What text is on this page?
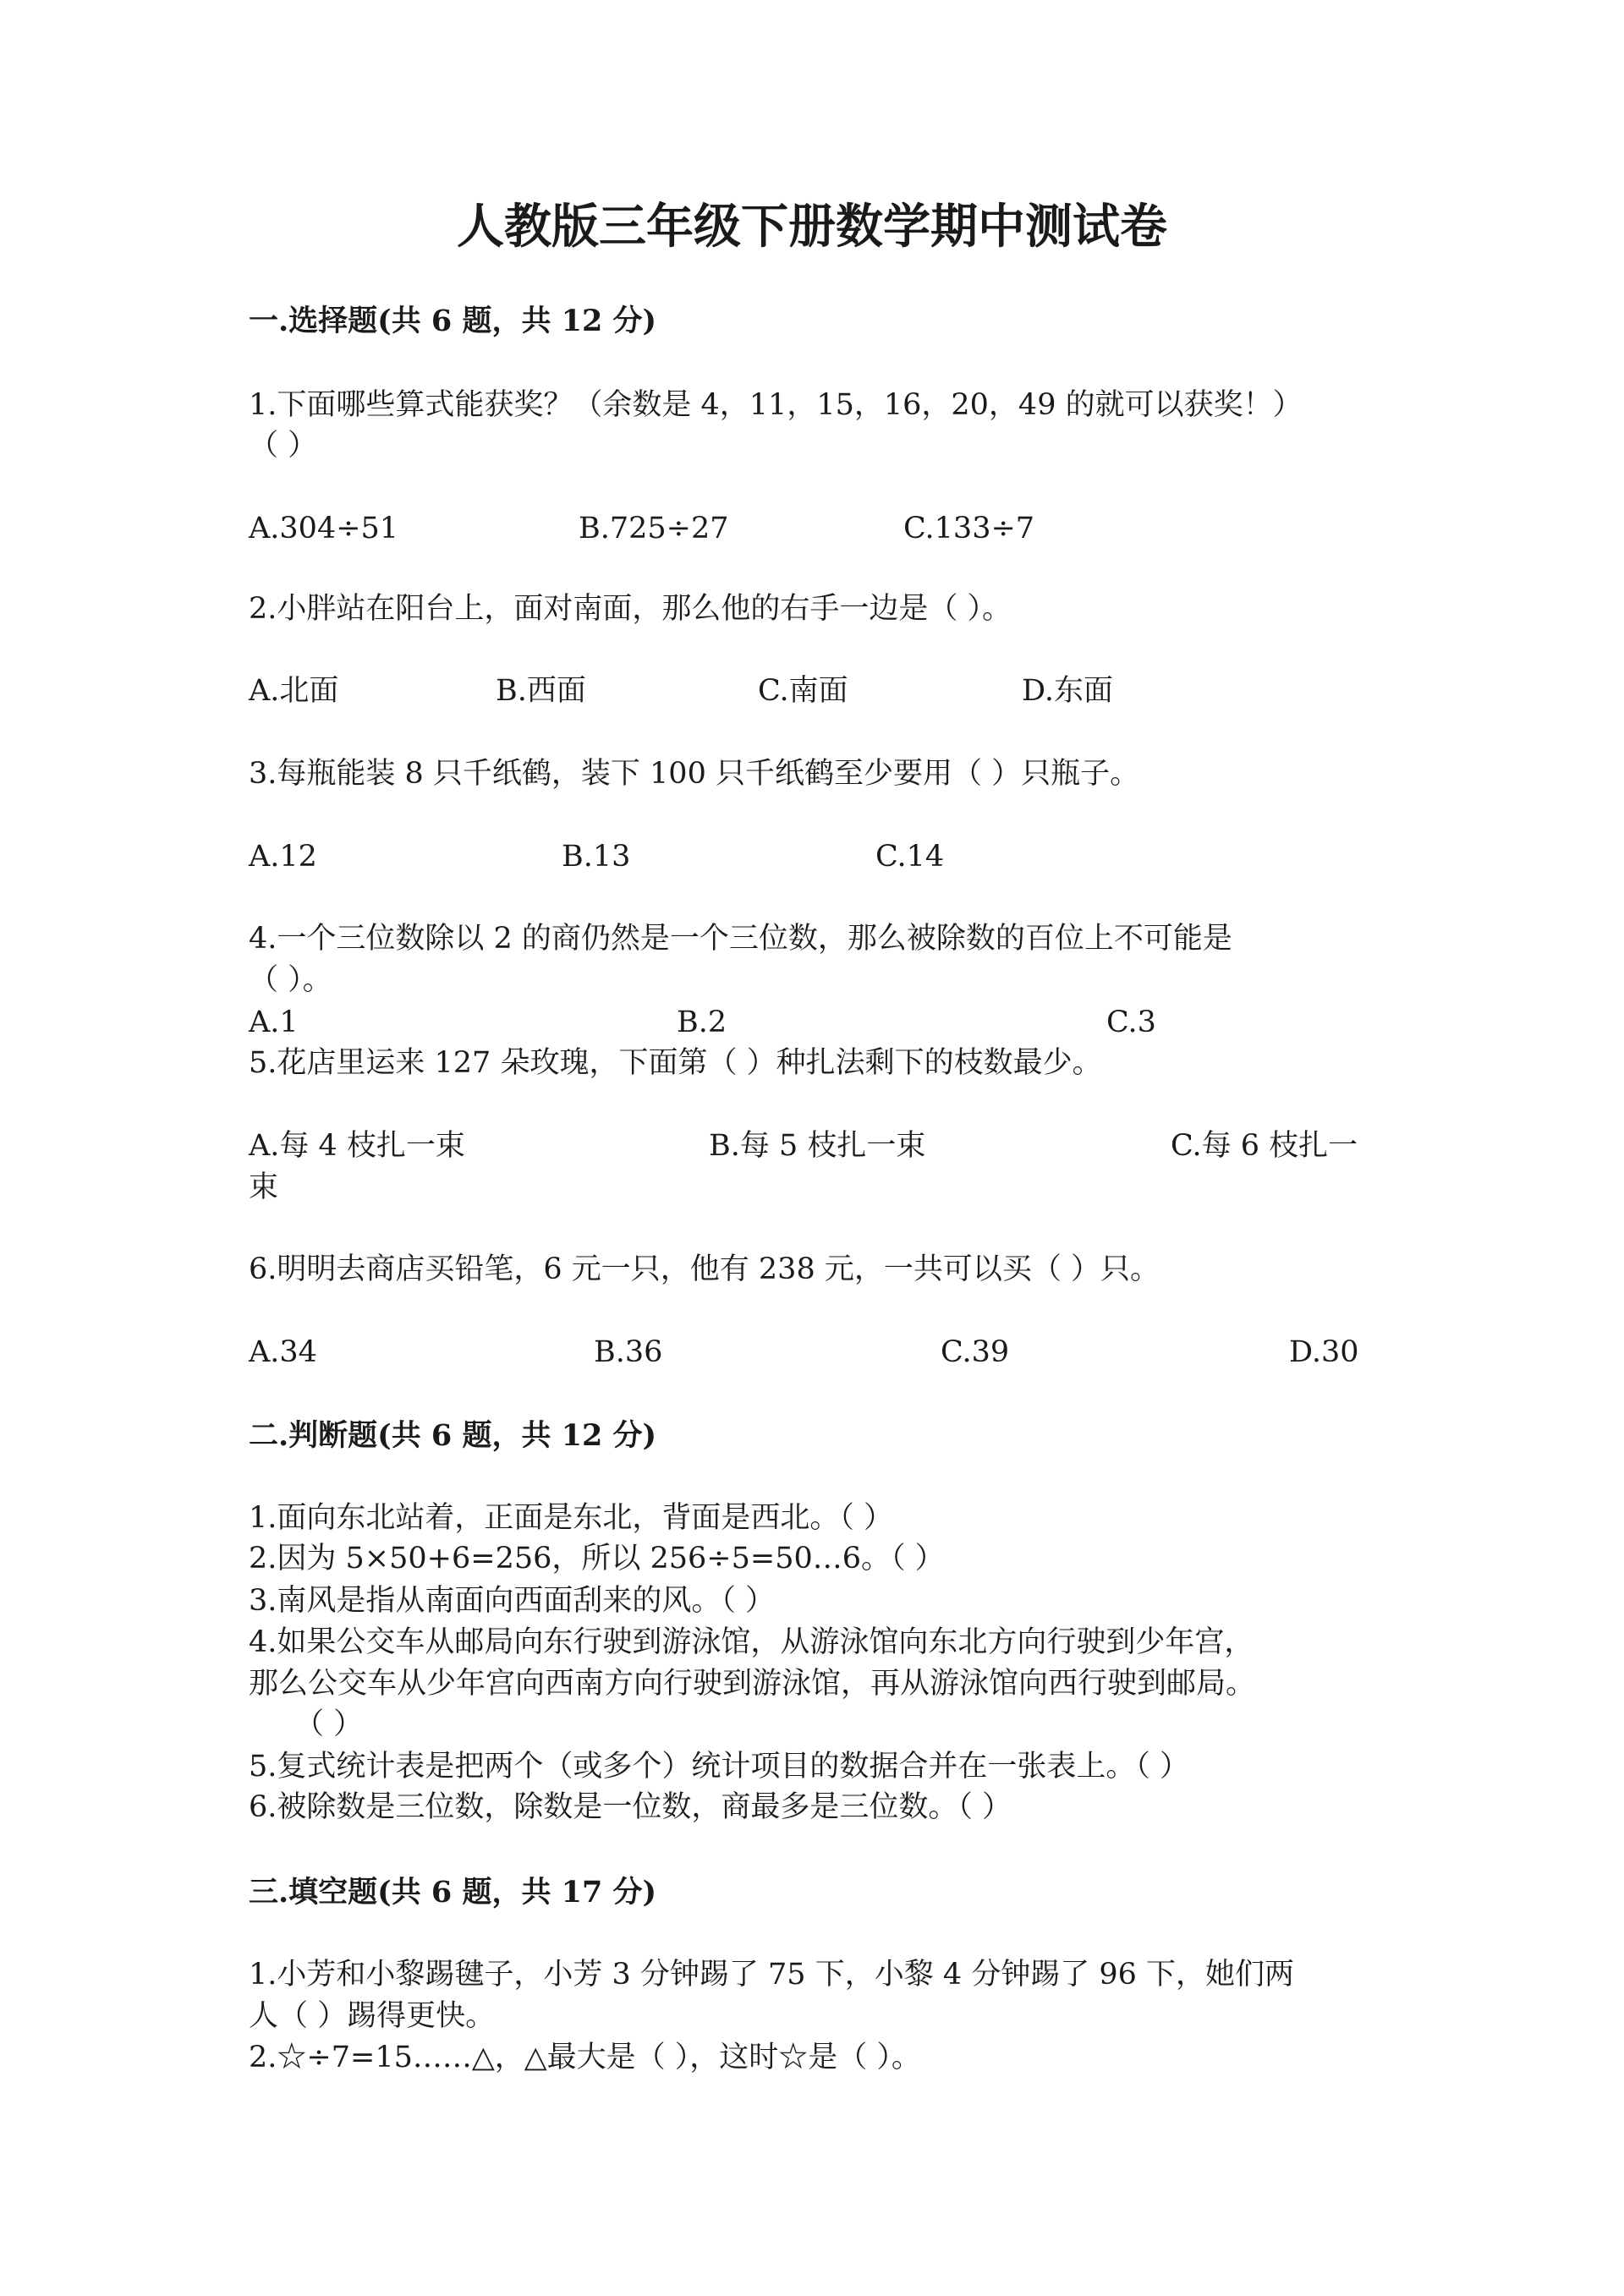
人教版三年级下册数学期中测试卷
一.选择题(共 6 题，共 12 分)
1.下面哪些算式能获奖？（余数是 4，11，15，16，20，49 的就可以获奖！）
（ ）
A.304÷51	B.725÷27	C.133÷7
2.小胖站在阳台上，面对南面，那么他的右手一边是（ ）。
A.北面	B.西面	C.南面	D.东面
3.每瓶能装 8 只千纸鹤，装下 100 只千纸鹤至少要用（ ）只瓶子。
A.12	B.13	C.14
4.一个三位数除以 2 的商仍然是一个三位数，那么被除数的百位上不可能是
（ ）。
A.1	B.2	C.3
5.花店里运来 127 朵玫瑰，下面第（ ）种扎法剩下的枝数最少。
A.每 4 枝扎一束	B.每 5 枝扎一束	C.每 6 枝扎一
束
6.明明去商店买铅笔，6 元一只，他有 238 元，一共可以买（ ）只。
A.34	B.36	C.39	D.30
二.判断题(共 6 题，共 12 分)
1.面向东北站着，正面是东北，背面是西北。（ ）
2.因为 5×50+6=256，所以 256÷5=50…6。（ ）
3.南风是指从南面向西面刮来的风。（ ）
4.如果公交车从邮局向东行驶到游泳馆，从游泳馆向东北方向行驶到少年宫，
那么公交车从少年宫向西南方向行驶到游泳馆，再从游泳馆向西行驶到邮局。
（ ）
5.复式统计表是把两个（或多个）统计项目的数据合并在一张表上。（ ）
6.被除数是三位数，除数是一位数，商最多是三位数。（ ）
三.填空题(共 6 题，共 17 分)
1.小芳和小黎踢毽子，小芳 3 分钟踢了 75 下，小黎 4 分钟踢了 96 下，她们两
人（ ）踢得更快。
2.☆÷7=15……△，△最大是（ ），这时☆是（ ）。
